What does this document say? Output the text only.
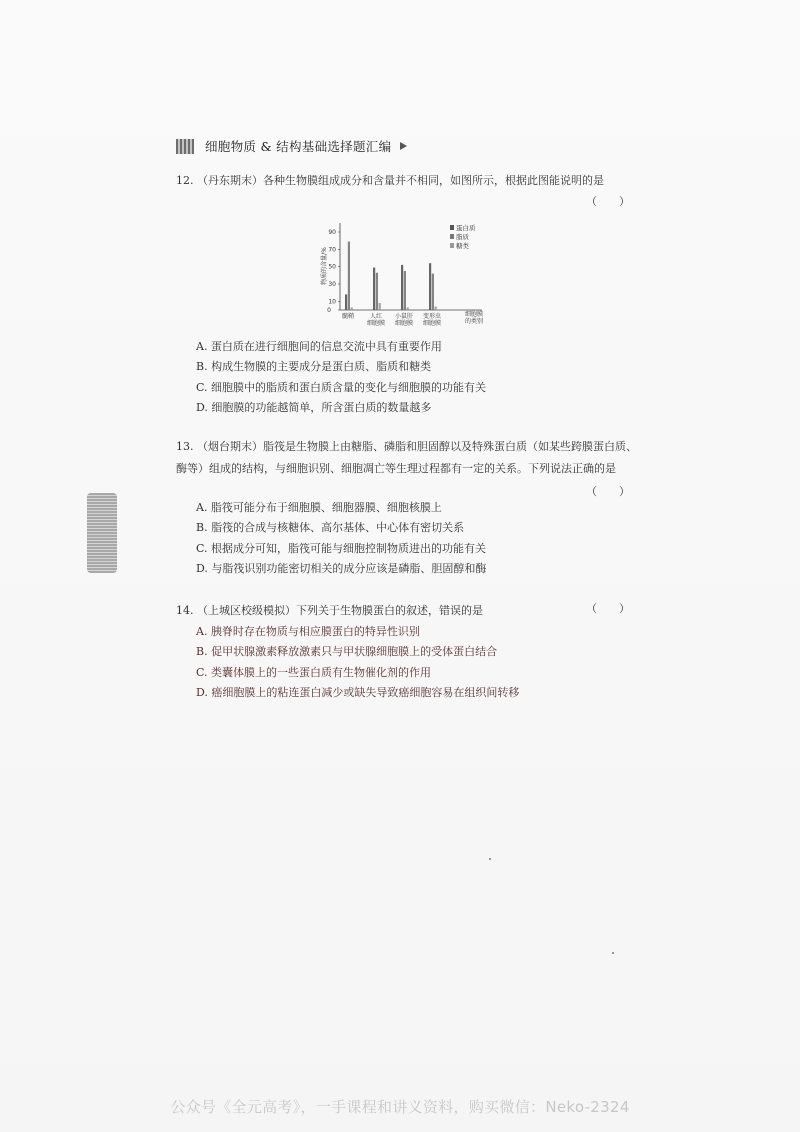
细胞物质 & 结构基础选择题汇编

12. （丹东期末）各种生物膜组成成分和含量并不相同，如图所示，根据此图能说明的是

（　　）
0
10
30
50
70
90
物质的含量/%
髓鞘	人红
细胞膜
小鼠肝
细胞膜
变形虫
细胞膜
细胞膜
的类别
蛋白质
脂质
糖类

A. 蛋白质在进行细胞间的信息交流中具有重要作用

B. 构成生物膜的主要成分是蛋白质、脂质和糖类

C. 细胞膜中的脂质和蛋白质含量的变化与细胞膜的功能有关

D. 细胞膜的功能越简单，所含蛋白质的数量越多

13. （烟台期末）脂筏是生物膜上由糖脂、磷脂和胆固醇以及特殊蛋白质（如某些跨膜蛋白质、酶等）组成的结构，与细胞识别、细胞凋亡等生理过程都有一定的关系。下列说法正确的是

（　　）

A. 脂筏可能分布于细胞膜、细胞器膜、细胞核膜上

B. 脂筏的合成与核糖体、高尔基体、中心体有密切关系

C. 根据成分可知，脂筏可能与细胞控制物质进出的功能有关

D. 与脂筏识别功能密切相关的成分应该是磷脂、胆固醇和酶

14. （上城区校级模拟）下列关于生物膜蛋白的叙述，错误的是

A. 胰脊时存在物质与相应膜蛋白的特异性识别

B. 促甲状腺激素释放激素只与甲状腺细胞膜上的受体蛋白结合

C. 类囊体膜上的一些蛋白质有生物催化剂的作用

D. 癌细胞膜上的粘连蛋白减少或缺失导致癌细胞容易在组织间转移

（　　）
公众号《全元高考》，一手课程和讲义资料，购买微信：Neko-2324
